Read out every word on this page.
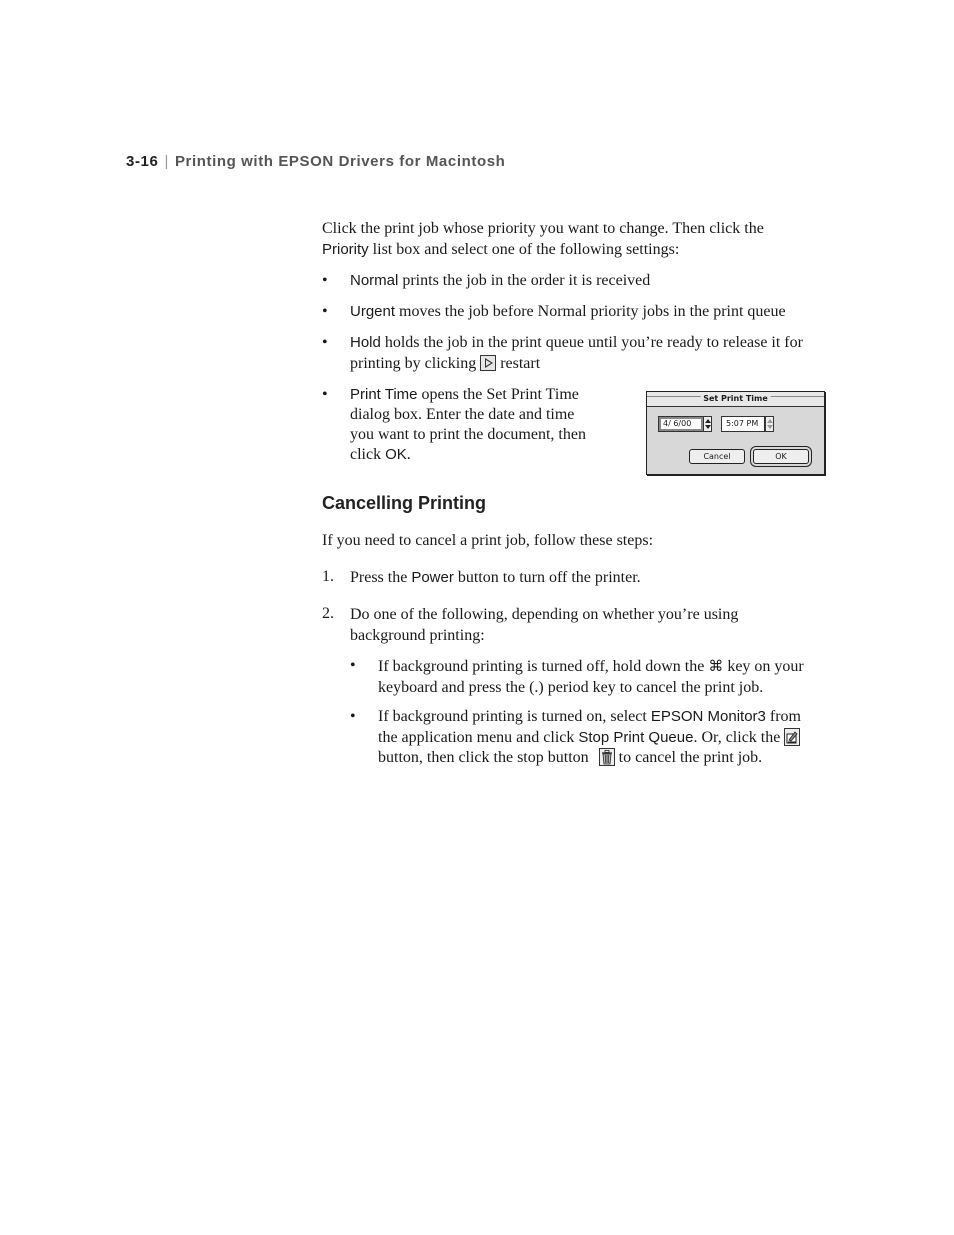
3-16 | Printing with EPSON Drivers for Macintosh
Click the print job whose priority you want to change. Then click the
Priority list box and select one of the following settings:
• Normal prints the job in the order it is received
• Urgent moves the job before Normal priority jobs in the print queue
• Hold holds the job in the print queue until you’re ready to release it for
printing by clicking
restart
• Print Time opens the Set Print Time
dialog box. Enter the date and time
you want to print the document, then
click OK.
Set Print Time
4/ 6/00	5:07 PM
Cancel	OK
Cancelling Printing
If you need to cancel a print job, follow these steps:
1. Press the Power button to turn off the printer.
2. Do one of the following, depending on whether you’re using
background printing:
• If background printing is turned off, hold down the ⌘ key on your
keyboard and press the (.) period key to cancel the print job.
• If background printing is turned on, select EPSON Monitor3 from
the application menu and click Stop Print Queue. Or, click the
button, then click the stop button
to cancel the print job.
